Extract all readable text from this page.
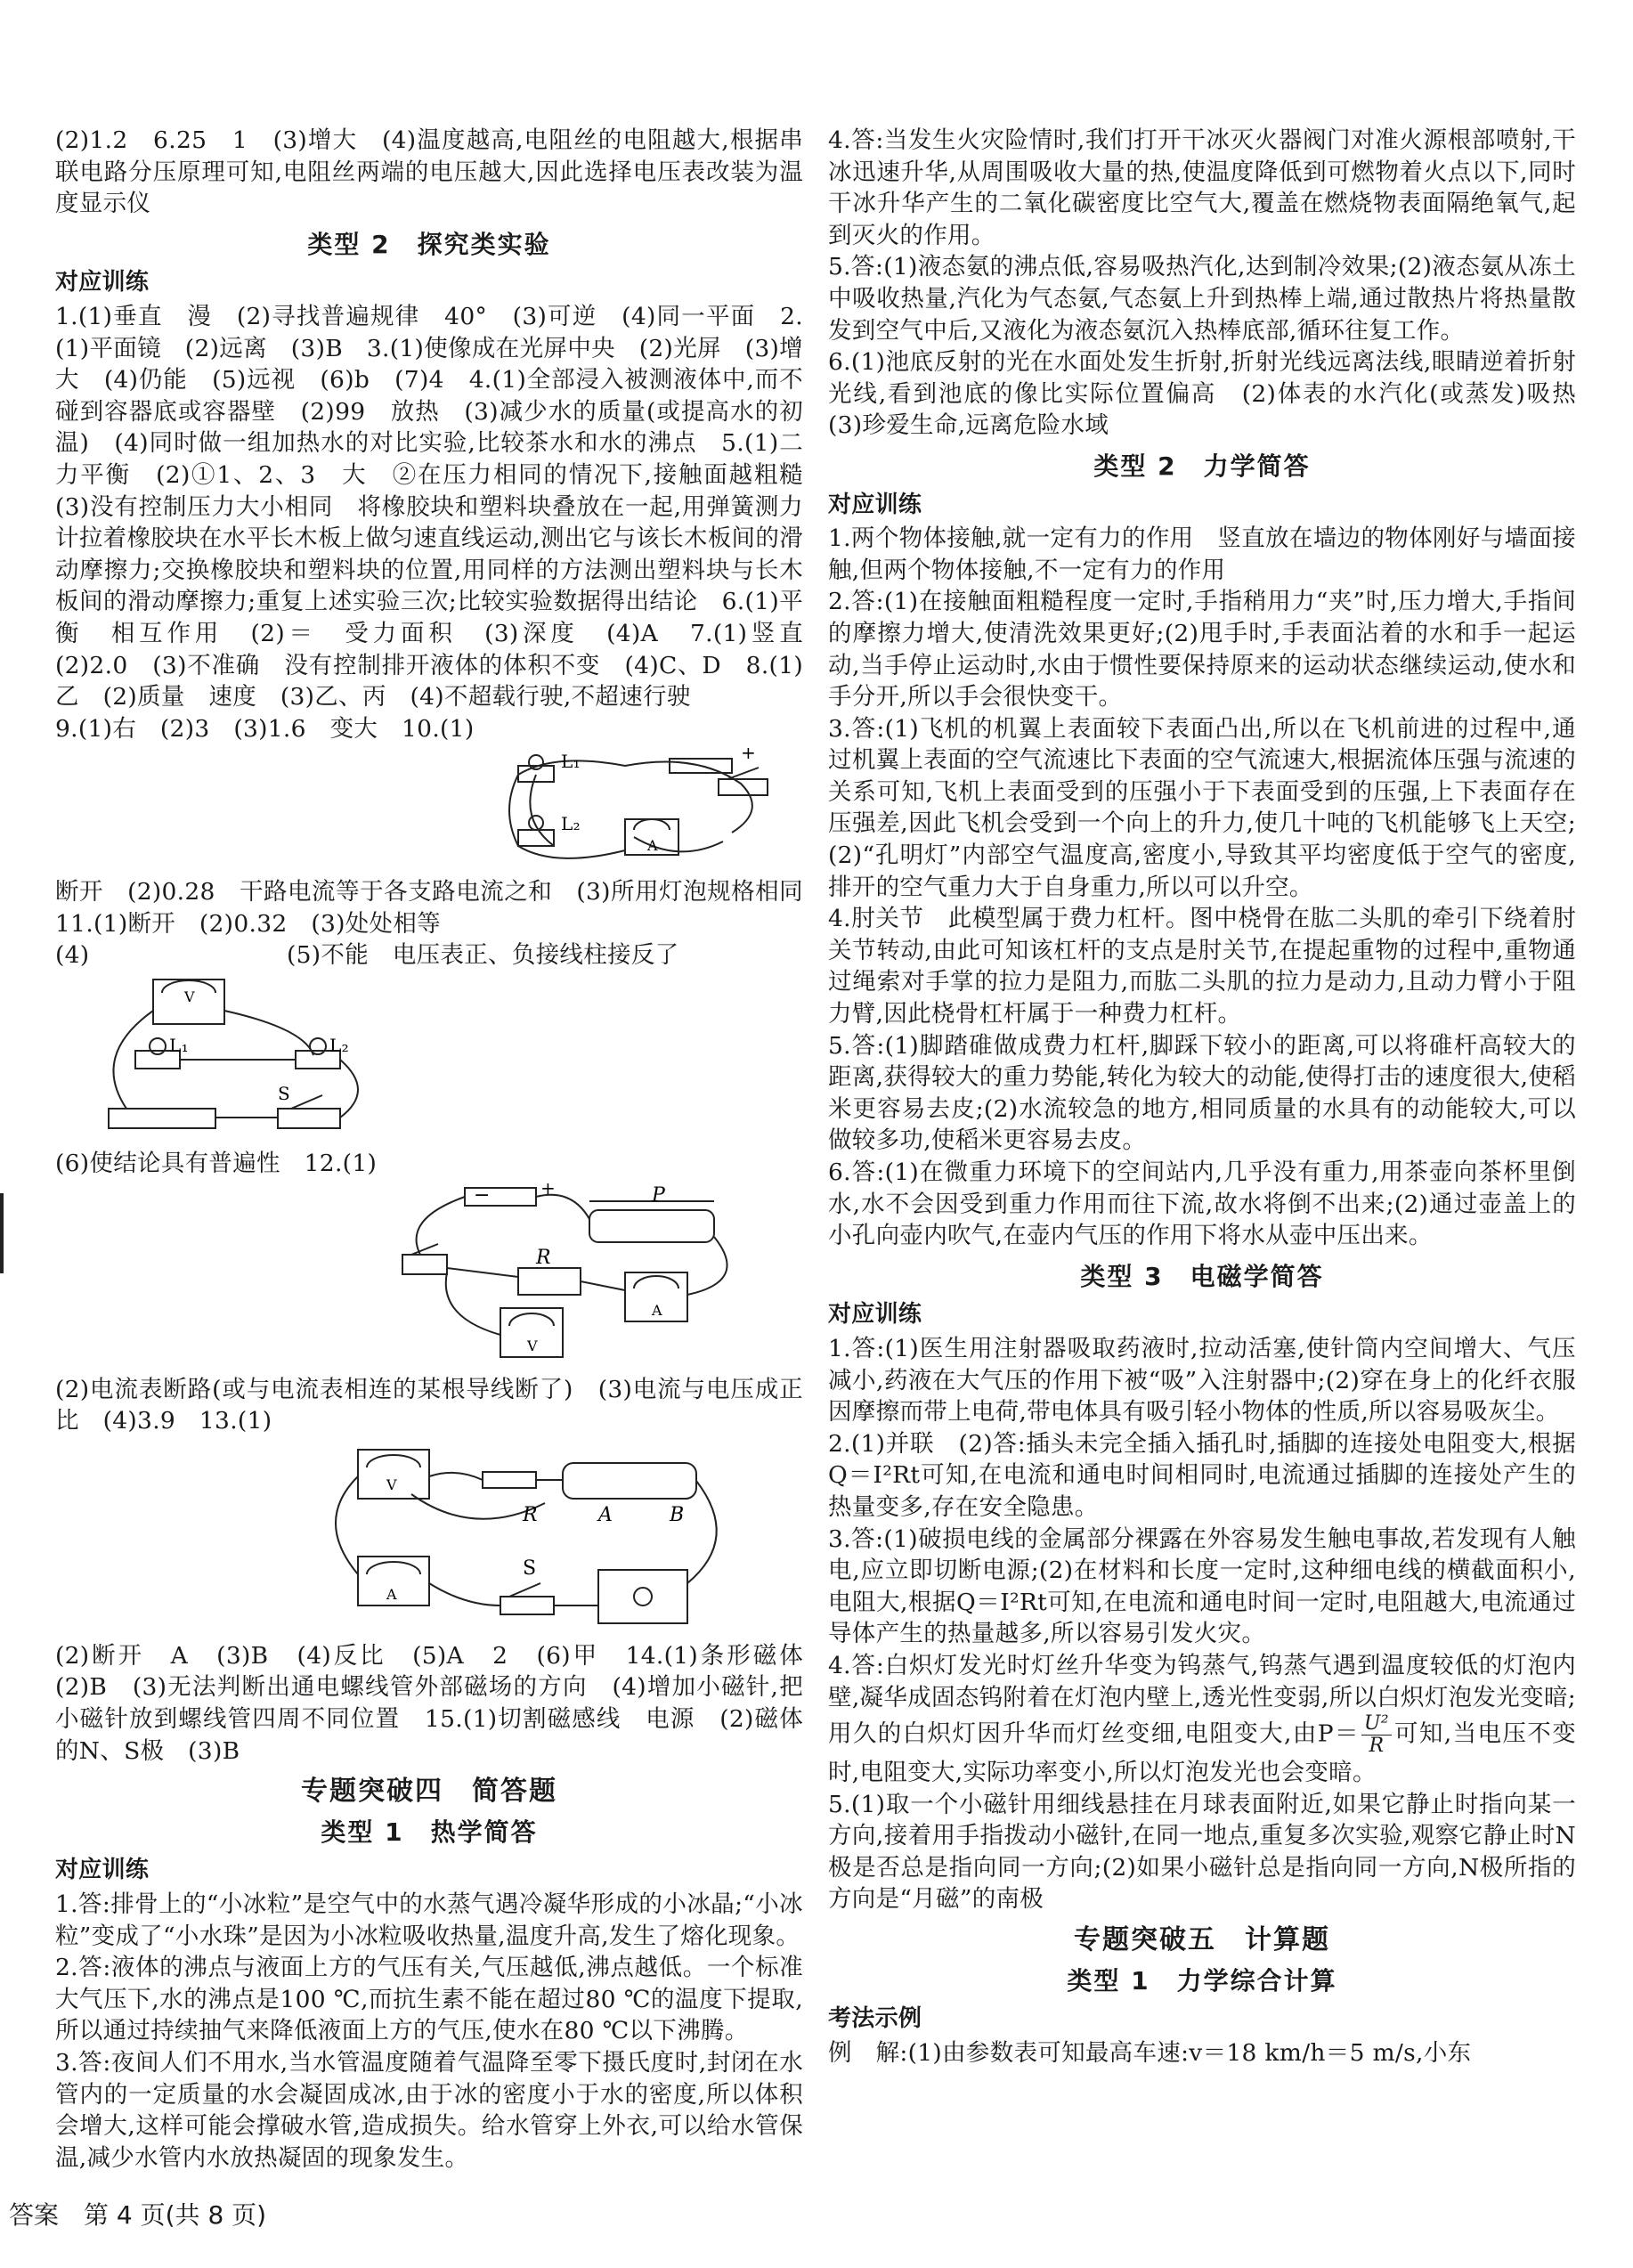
(2)1.2　6.25　1　(3)增大　(4)温度越高,电阻丝的电阻越大,根据串联电路分压原理可知,电阻丝两端的电压越大,因此选择电压表改装为温度显示仪

类型 2　探究类实验
对应训练

1.(1)垂直　漫　(2)寻找普遍规律　40°　(3)可逆　(4)同一平面　2.(1)平面镜　(2)远离　(3)B　3.(1)使像成在光屏中央　(2)光屏　(3)增大　(4)仍能　(5)远视　(6)b　(7)4　4.(1)全部浸入被测液体中,而不碰到容器底或容器壁　(2)99　放热　(3)减少水的质量(或提高水的初温)　(4)同时做一组加热水的对比实验,比较茶水和水的沸点　5.(1)二力平衡　(2)①1、2、3　大　②在压力相同的情况下,接触面越粗糙　(3)没有控制压力大小相同　将橡胶块和塑料块叠放在一起,用弹簧测力计拉着橡胶块在水平长木板上做匀速直线运动,测出它与该长木板间的滑动摩擦力;交换橡胶块和塑料块的位置,用同样的方法测出塑料块与长木板间的滑动摩擦力;重复上述实验三次;比较实验数据得出结论　6.(1)平衡　相互作用　(2)＝　受力面积　(3)深度　(4)A　7.(1)竖直　(2)2.0　(3)不准确　没有控制排开液体的体积不变　(4)C、D　8.(1)乙　(2)质量　速度　(3)乙、丙　(4)不超载行驶,不超速行驶

9.(1)右　(2)3　(3)1.6　变大　10.(1)

L₁
L₂
A
+

断开　(2)0.28　干路电流等于各支路电流之和　(3)所用灯泡规格相同　11.(1)断开　(2)0.32　(3)处处相等

(4)	(5)不能　电压表正、负接线柱接反了
V
L₁	L₂
S

(6)使结论具有普遍性　12.(1)

−	+	P
R
A
V

(2)电流表断路(或与电流表相连的某根导线断了)　(3)电流与电压成正比　(4)3.9　13.(1)

V
A
R	A	B
S

(2)断开　A　(3)B　(4)反比　(5)A　2　(6)甲　14.(1)条形磁体　(2)B　(3)无法判断出通电螺线管外部磁场的方向　(4)增加小磁针,把小磁针放到螺线管四周不同位置　15.(1)切割磁感线　电源　(2)磁体的N、S极　(3)B

专题突破四　简答题
类型 1　热学简答
对应训练

1.答:排骨上的“小冰粒”是空气中的水蒸气遇冷凝华形成的小冰晶;“小冰粒”变成了“小水珠”是因为小冰粒吸收热量,温度升高,发生了熔化现象。

2.答:液体的沸点与液面上方的气压有关,气压越低,沸点越低。一个标准大气压下,水的沸点是100 ℃,而抗生素不能在超过80 ℃的温度下提取,所以通过持续抽气来降低液面上方的气压,使水在80 ℃以下沸腾。

3.答:夜间人们不用水,当水管温度随着气温降至零下摄氏度时,封闭在水管内的一定质量的水会凝固成冰,由于冰的密度小于水的密度,所以体积会增大,这样可能会撑破水管,造成损失。给水管穿上外衣,可以给水管保温,减少水管内水放热凝固的现象发生。

4.答:当发生火灾险情时,我们打开干冰灭火器阀门对准火源根部喷射,干冰迅速升华,从周围吸收大量的热,使温度降低到可燃物着火点以下,同时干冰升华产生的二氧化碳密度比空气大,覆盖在燃烧物表面隔绝氧气,起到灭火的作用。

5.答:(1)液态氨的沸点低,容易吸热汽化,达到制冷效果;(2)液态氨从冻土中吸收热量,汽化为气态氨,气态氨上升到热棒上端,通过散热片将热量散发到空气中后,又液化为液态氨沉入热棒底部,循环往复工作。

6.(1)池底反射的光在水面处发生折射,折射光线远离法线,眼睛逆着折射光线,看到池底的像比实际位置偏高　(2)体表的水汽化(或蒸发)吸热　(3)珍爱生命,远离危险水域

类型 2　力学简答
对应训练

1.两个物体接触,就一定有力的作用　竖直放在墙边的物体刚好与墙面接触,但两个物体接触,不一定有力的作用

2.答:(1)在接触面粗糙程度一定时,手指稍用力“夹”时,压力增大,手指间的摩擦力增大,使清洗效果更好;(2)甩手时,手表面沾着的水和手一起运动,当手停止运动时,水由于惯性要保持原来的运动状态继续运动,使水和手分开,所以手会很快变干。

3.答:(1)飞机的机翼上表面较下表面凸出,所以在飞机前进的过程中,通过机翼上表面的空气流速比下表面的空气流速大,根据流体压强与流速的关系可知,飞机上表面受到的压强小于下表面受到的压强,上下表面存在压强差,因此飞机会受到一个向上的升力,使几十吨的飞机能够飞上天空;(2)“孔明灯”内部空气温度高,密度小,导致其平均密度低于空气的密度,排开的空气重力大于自身重力,所以可以升空。

4.肘关节　此模型属于费力杠杆。图中桡骨在肱二头肌的牵引下绕着肘关节转动,由此可知该杠杆的支点是肘关节,在提起重物的过程中,重物通过绳索对手掌的拉力是阻力,而肱二头肌的拉力是动力,且动力臂小于阻力臂,因此桡骨杠杆属于一种费力杠杆。

5.答:(1)脚踏碓做成费力杠杆,脚踩下较小的距离,可以将碓杆高较大的距离,获得较大的重力势能,转化为较大的动能,使得打击的速度很大,使稻米更容易去皮;(2)水流较急的地方,相同质量的水具有的动能较大,可以做较多功,使稻米更容易去皮。

6.答:(1)在微重力环境下的空间站内,几乎没有重力,用茶壶向茶杯里倒水,水不会因受到重力作用而往下流,故水将倒不出来;(2)通过壶盖上的小孔向壶内吹气,在壶内气压的作用下将水从壶中压出来。

类型 3　电磁学简答
对应训练

1.答:(1)医生用注射器吸取药液时,拉动活塞,使针筒内空间增大、气压减小,药液在大气压的作用下被“吸”入注射器中;(2)穿在身上的化纤衣服因摩擦而带上电荷,带电体具有吸引轻小物体的性质,所以容易吸灰尘。

2.(1)并联　(2)答:插头未完全插入插孔时,插脚的连接处电阻变大,根据Q＝I²Rt可知,在电流和通电时间相同时,电流通过插脚的连接处产生的热量变多,存在安全隐患。

3.答:(1)破损电线的金属部分裸露在外容易发生触电事故,若发现有人触电,应立即切断电源;(2)在材料和长度一定时,这种细电线的横截面积小,电阻大,根据Q＝I²Rt可知,在电流和通电时间一定时,电阻越大,电流通过导体产生的热量越多,所以容易引发火灾。

4.答:白炽灯发光时灯丝升华变为钨蒸气,钨蒸气遇到温度较低的灯泡内壁,凝华成固态钨附着在灯泡内壁上,透光性变弱,所以白炽灯泡发光变暗;用久的白炽灯因升华而灯丝变细,电阻变大,由$P= \frac{\text{U²}}{R}$ 可知,当电压不变时,电阻变大,实际功率变小,所以灯泡发光也会变暗。

5.(1)取一个小磁针用细线悬挂在月球表面附近,如果它静止时指向某一方向,接着用手指拨动小磁针,在同一地点,重复多次实验,观察它静止时N极是否总是指向同一方向;(2)如果小磁针总是指向同一方向,N极所指的方向是“月磁”的南极

专题突破五　计算题
类型 1　力学综合计算
考法示例

例　解:(1)由参数表可知最高车速:v＝18 km/h＝5 m/s,小东

答案　第 4 页(共 8 页)
